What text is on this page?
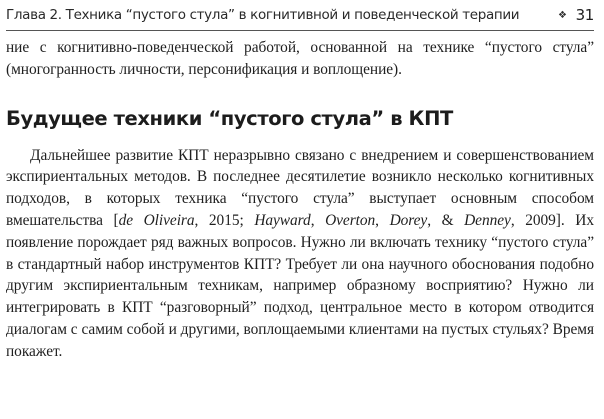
Глава 2. Техника “пустого стула” в когнитивной и поведенческой терапии	❖ 31

ние с когнитивно-поведенческой работой, основанной на технике “пустого стула” (многогранность личности, персонификация и воплощение).

Будущее техники “пустого стула” в КПТ

Дальнейшее развитие КПТ неразрывно связано с внедрением и совершенствованием экспириентальных методов. В последнее десятилетие возникло несколько когнитивных подходов, в которых техника “пустого стула” выступает основным способом вмешательства [de Oliveira, 2015; Hayward, Overton, Dorey, & Denney, 2009]. Их появление порождает ряд важных вопросов. Нужно ли включать технику “пустого стула” в стандартный набор инструментов КПТ? Требует ли она научного обоснования подобно другим экспириентальным техникам, например образному восприятию? Нужно ли интегрировать в КПТ “разговорный” подход, центральное место в котором отводится диалогам с самим собой и другими, воплощаемыми клиентами на пустых стульях? Время покажет.
